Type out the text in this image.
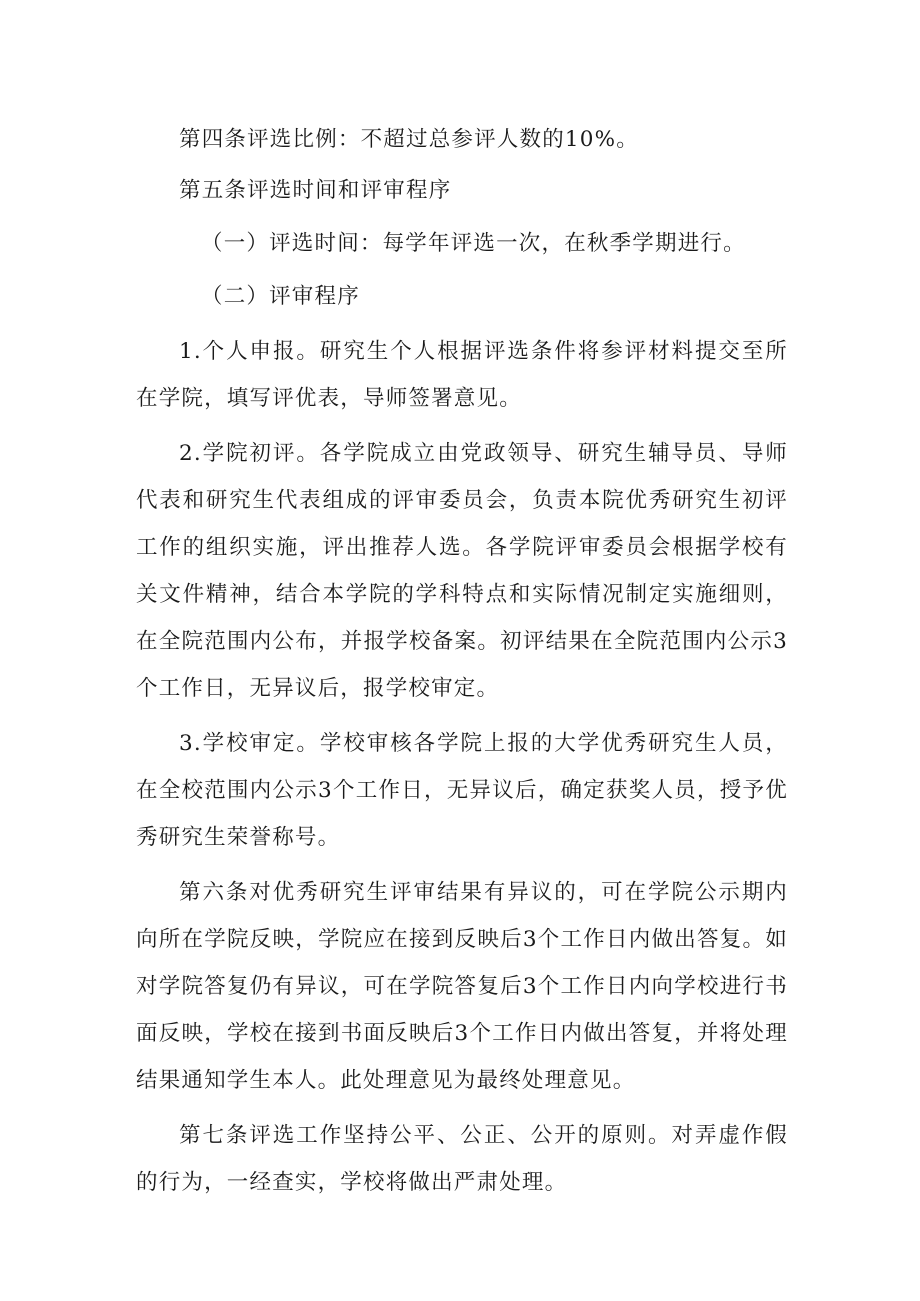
第四条评选比例：不超过总参评人数的10%。

第五条评选时间和评审程序

（一）评选时间：每学年评选一次，在秋季学期进行。

（二）评审程序

1.个人申报。研究生个人根据评选条件将参评材料提交至所在学院，填写评优表，导师签署意见。

2.学院初评。各学院成立由党政领导、研究生辅导员、导师代表和研究生代表组成的评审委员会，负责本院优秀研究生初评工作的组织实施，评出推荐人选。各学院评审委员会根据学校有关文件精神，结合本学院的学科特点和实际情况制定实施细则，在全院范围内公布，并报学校备案。初评结果在全院范围内公示3个工作日，无异议后，报学校审定。

3.学校审定。学校审核各学院上报的大学优秀研究生人员，在全校范围内公示3个工作日，无异议后，确定获奖人员，授予优秀研究生荣誉称号。

第六条对优秀研究生评审结果有异议的，可在学院公示期内向所在学院反映，学院应在接到反映后3个工作日内做出答复。如对学院答复仍有异议，可在学院答复后3个工作日内向学校进行书面反映，学校在接到书面反映后3个工作日内做出答复，并将处理结果通知学生本人。此处理意见为最终处理意见。

第七条评选工作坚持公平、公正、公开的原则。对弄虚作假的行为，一经查实，学校将做出严肃处理。
